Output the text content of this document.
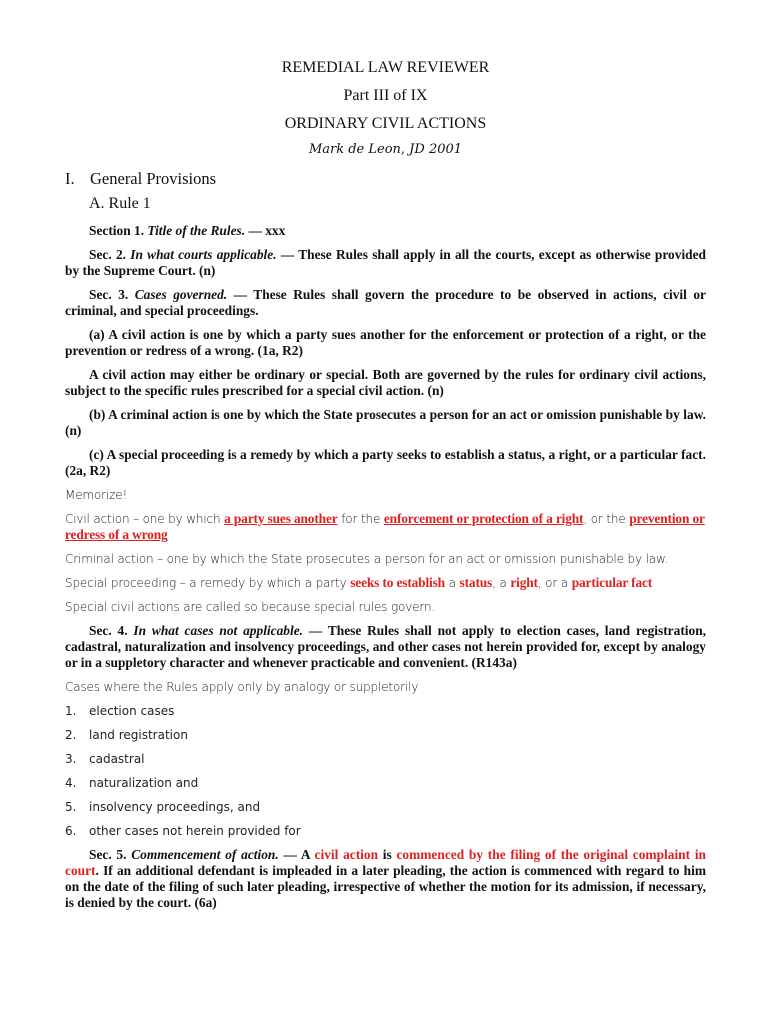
REMEDIAL LAW REVIEWER

Part III of IX

ORDINARY CIVIL ACTIONS

Mark de Leon, JD 2001

I. General Provisions
A. Rule 1

Section 1. Title of the Rules. — xxx

Sec. 2. In what courts applicable. — These Rules shall apply in all the courts, except as otherwise provided by the Supreme Court. (n)

Sec. 3. Cases governed. — These Rules shall govern the procedure to be observed in actions, civil or criminal, and special proceedings.

(a) A civil action is one by which a party sues another for the enforcement or protection of a right, or the prevention or redress of a wrong. (1a, R2)

A civil action may either be ordinary or special. Both are governed by the rules for ordinary civil actions, subject to the specific rules prescribed for a special civil action. (n)

(b) A criminal action is one by which the State prosecutes a person for an act or omission punishable by law. (n)

(c) A special proceeding is a remedy by which a party seeks to establish a status, a right, or a particular fact. (2a, R2)

Memorize!

Civil action – one by which a party sues another for the enforcement or protection of a right, or the prevention or redress of a wrong

Criminal action – one by which the State prosecutes a person for an act or omission punishable by law.

Special proceeding – a remedy by which a party seeks to establish a status, a right, or a particular fact

Special civil actions are called so because special rules govern.

Sec. 4. In what cases not applicable. — These Rules shall not apply to election cases, land registration, cadastral, naturalization and insolvency proceedings, and other cases not herein provided for, except by analogy or in a suppletory character and whenever practicable and convenient. (R143a)

Cases where the Rules apply only by analogy or suppletorily

1.	election cases
2.	land registration
3.	cadastral
4.	naturalization and
5.	insolvency proceedings, and
6.	other cases not herein provided for

Sec. 5. Commencement of action. — A civil action is commenced by the filing of the original complaint in court. If an additional defendant is impleaded in a later pleading, the action is commenced with regard to him on the date of the filing of such later pleading, irrespective of whether the motion for its admission, if necessary, is denied by the court. (6a)
